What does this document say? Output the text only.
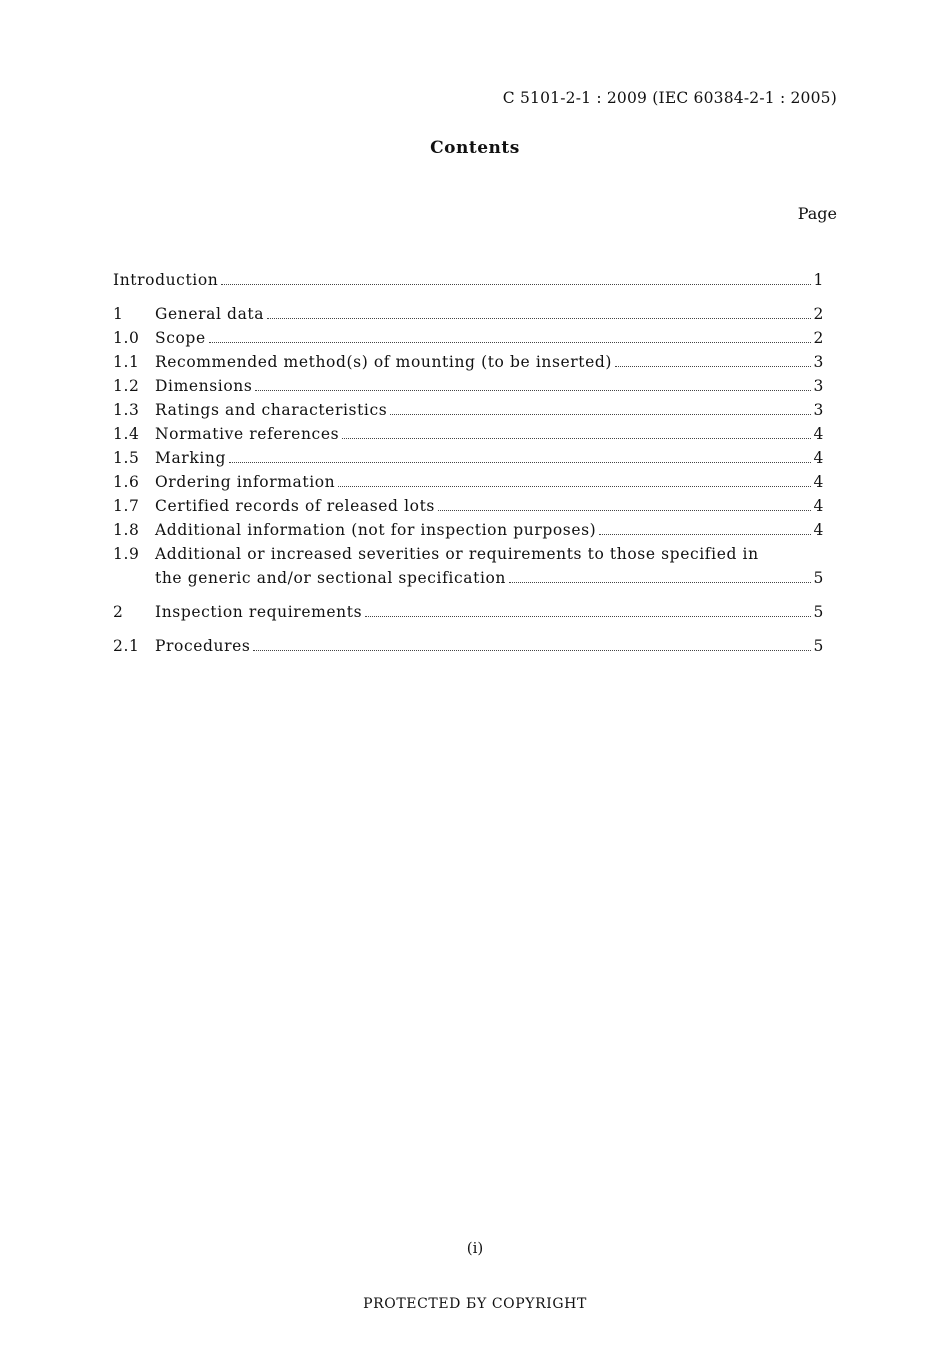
C 5101-2-1 : 2009 (IEC 60384-2-1 : 2005)
Contents
Page
Introduction	1
1	General data	2
1.0	Scope	2
1.1	Recommended method(s) of mounting (to be inserted)	3
1.2	Dimensions	3
1.3	Ratings and characteristics	3
1.4	Normative references	4
1.5	Marking	4
1.6	Ordering information	4
1.7	Certified records of released lots	4
1.8	Additional information (not for inspection purposes)	4
1.9	Additional or increased severities or requirements to those specified in
the generic and/or sectional specification	5
2	Inspection requirements	5
2.1	Procedures	5
(i)
PROTECTED БY COPYRIGHT
